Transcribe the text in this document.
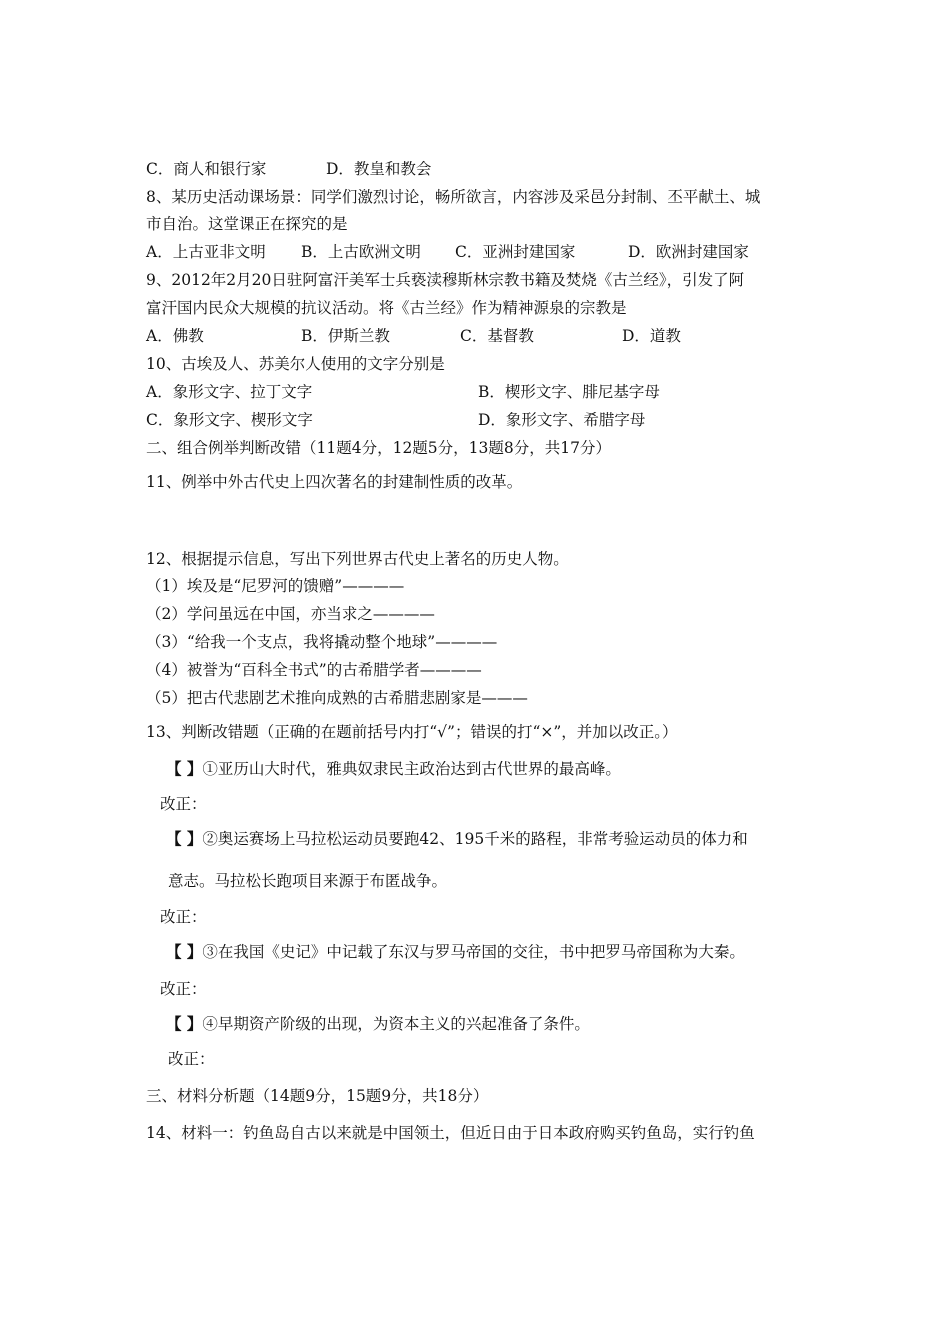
C．商人和银行家	D．教皇和教会
8、某历史活动课场景：同学们激烈讨论，畅所欲言，内容涉及采邑分封制、丕平献土、城
市自治。这堂课正在探究的是
A．上古亚非文明 B．上古欧洲文明 C．亚洲封建国家	D．欧洲封建国家
9、2012年2月20日驻阿富汗美军士兵亵渎穆斯林宗教书籍及焚烧《古兰经》，引发了阿
富汗国内民众大规模的抗议活动。将《古兰经》作为精神源泉的宗教是
A．佛教	B．伊斯兰教	C．基督教	D．道教
10、古埃及人、苏美尔人使用的文字分别是
A．象形文字、拉丁文字	B．楔形文字、腓尼基字母
C．象形文字、楔形文字	D．象形文字、希腊字母
二、组合例举判断改错（11题4分，12题5分，13题8分，共17分）
11、例举中外古代史上四次著名的封建制性质的改革。
12、根据提示信息，写出下列世界古代史上著名的历史人物。
（1）埃及是“尼罗河的馈赠”————
（2）学问虽远在中国，亦当求之————
（3）“给我一个支点，我将撬动整个地球”————
（4）被誉为“百科全书式”的古希腊学者————
（5）把古代悲剧艺术推向成熟的古希腊悲剧家是———
13、判断改错题（正确的在题前括号内打“√”；错误的打“×”，并加以改正。）
【 】①亚历山大时代，雅典奴隶民主政治达到古代世界的最高峰。
改正：
【 】②奥运赛场上马拉松运动员要跑42、195千米的路程，非常考验运动员的体力和
意志。马拉松长跑项目来源于布匿战争。
改正：
【 】③在我国《史记》中记载了东汉与罗马帝国的交往，书中把罗马帝国称为大秦。
改正：
【 】④早期资产阶级的出现，为资本主义的兴起准备了条件。
改正：
三、材料分析题（14题9分，15题9分，共18分）
14、材料一：钓鱼岛自古以来就是中国领土，但近日由于日本政府购买钓鱼岛，实行钓鱼
